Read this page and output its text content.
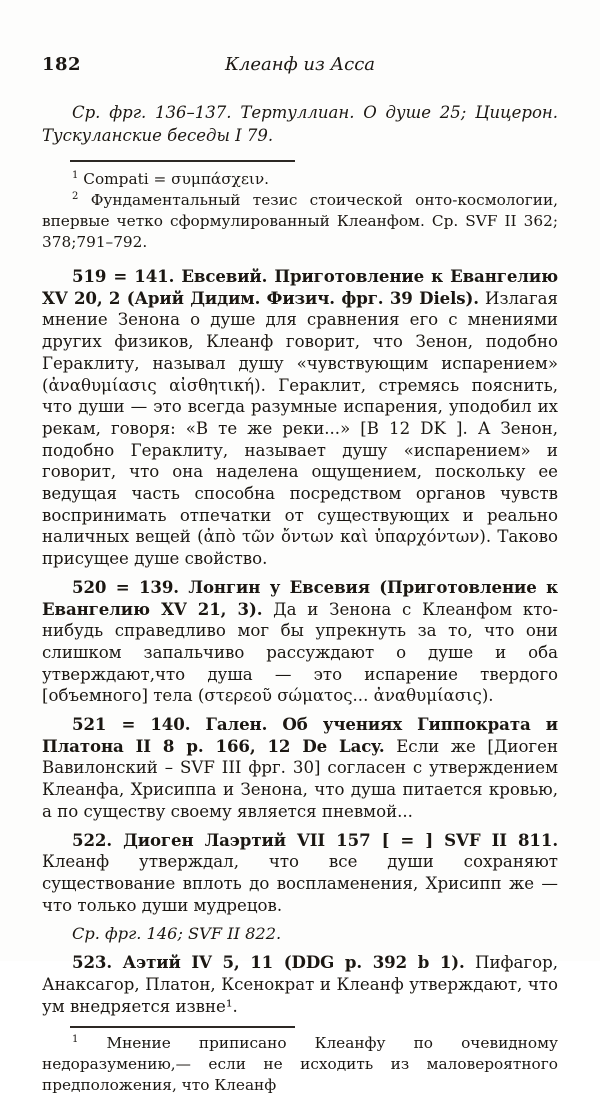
182	Клеанф из Асса

Ср. фрг. 136–137. Тертуллиан. О душе 25; Цицерон. Тускуланские беседы I 79.

$^1$ Compati = συμπάσχειν.

$^2$ Фундаментальный тезис стоической онто-космологии, впервые четко сформулированный Клеанфом. Ср. SVF II 362; 378;791–792.

519 = 141. Евсевий. Приготовление к Евангелию XV 20, 2 (Арий Дидим. Физич. фрг. 39 Diels). Излагая мнение Зенона о душе для сравнения его с мнениями других физиков, Клеанф говорит, что Зенон, подобно Гераклиту, называл душу «чувствующим испарением» (ἀναθυμίασις αἰσθητική). Гераклит, стремясь пояснить, что души — это всегда разумные испарения, уподобил их рекам, говоря: «В те же реки...» [B 12 DK ]. А Зенон, подобно Гераклиту, называет душу «испарением» и говорит, что она наделена ощущением, поскольку ее ведущая часть способна посредством органов чувств воспринимать отпечатки от существующих и реально наличных вещей (ἀπὸ τῶν ὄντων καὶ ὑπαρχόντων). Таково присущее душе свойство.

520 = 139. Лонгин у Евсевия (Приготовление к Евангелию XV 21, 3). Да и Зенона с Клеанфом кто-нибудь справедливо мог бы упрекнуть за то, что они слишком запальчиво рассуждают о душе и оба утверждают,что душа — это испарение твердого [объемного] тела (στερεοῦ σώματος... ἀναθυμίασις).

521 = 140. Гален. Об учениях Гиппократа и Платона II 8 p. 166, 12 De Lacy. Если же [Диоген Вавилонский – SVF III фрг. 30] согласен с утверждением Клеанфа, Хрисиппа и Зенона, что душа питается кровью, а по существу своему является пневмой...

522. Диоген Лаэртий VII 157 [ = ] SVF II 811. Клеанф утверждал, что все души сохраняют существование вплоть до воспламенения, Хрисипп же — что только души мудрецов.

Ср. фрг. 146; SVF II 822.

523. Аэтий IV 5, 11 (DDG p. 392 b 1). Пифагор, Анаксагор, Платон, Ксенократ и Клеанф утверждают, что ум внедряется извне¹.

$^1$ Мнение приписано Клеанфу по очевидному недоразумению,— если не исходить из маловероятного предположения, что Клеанф
